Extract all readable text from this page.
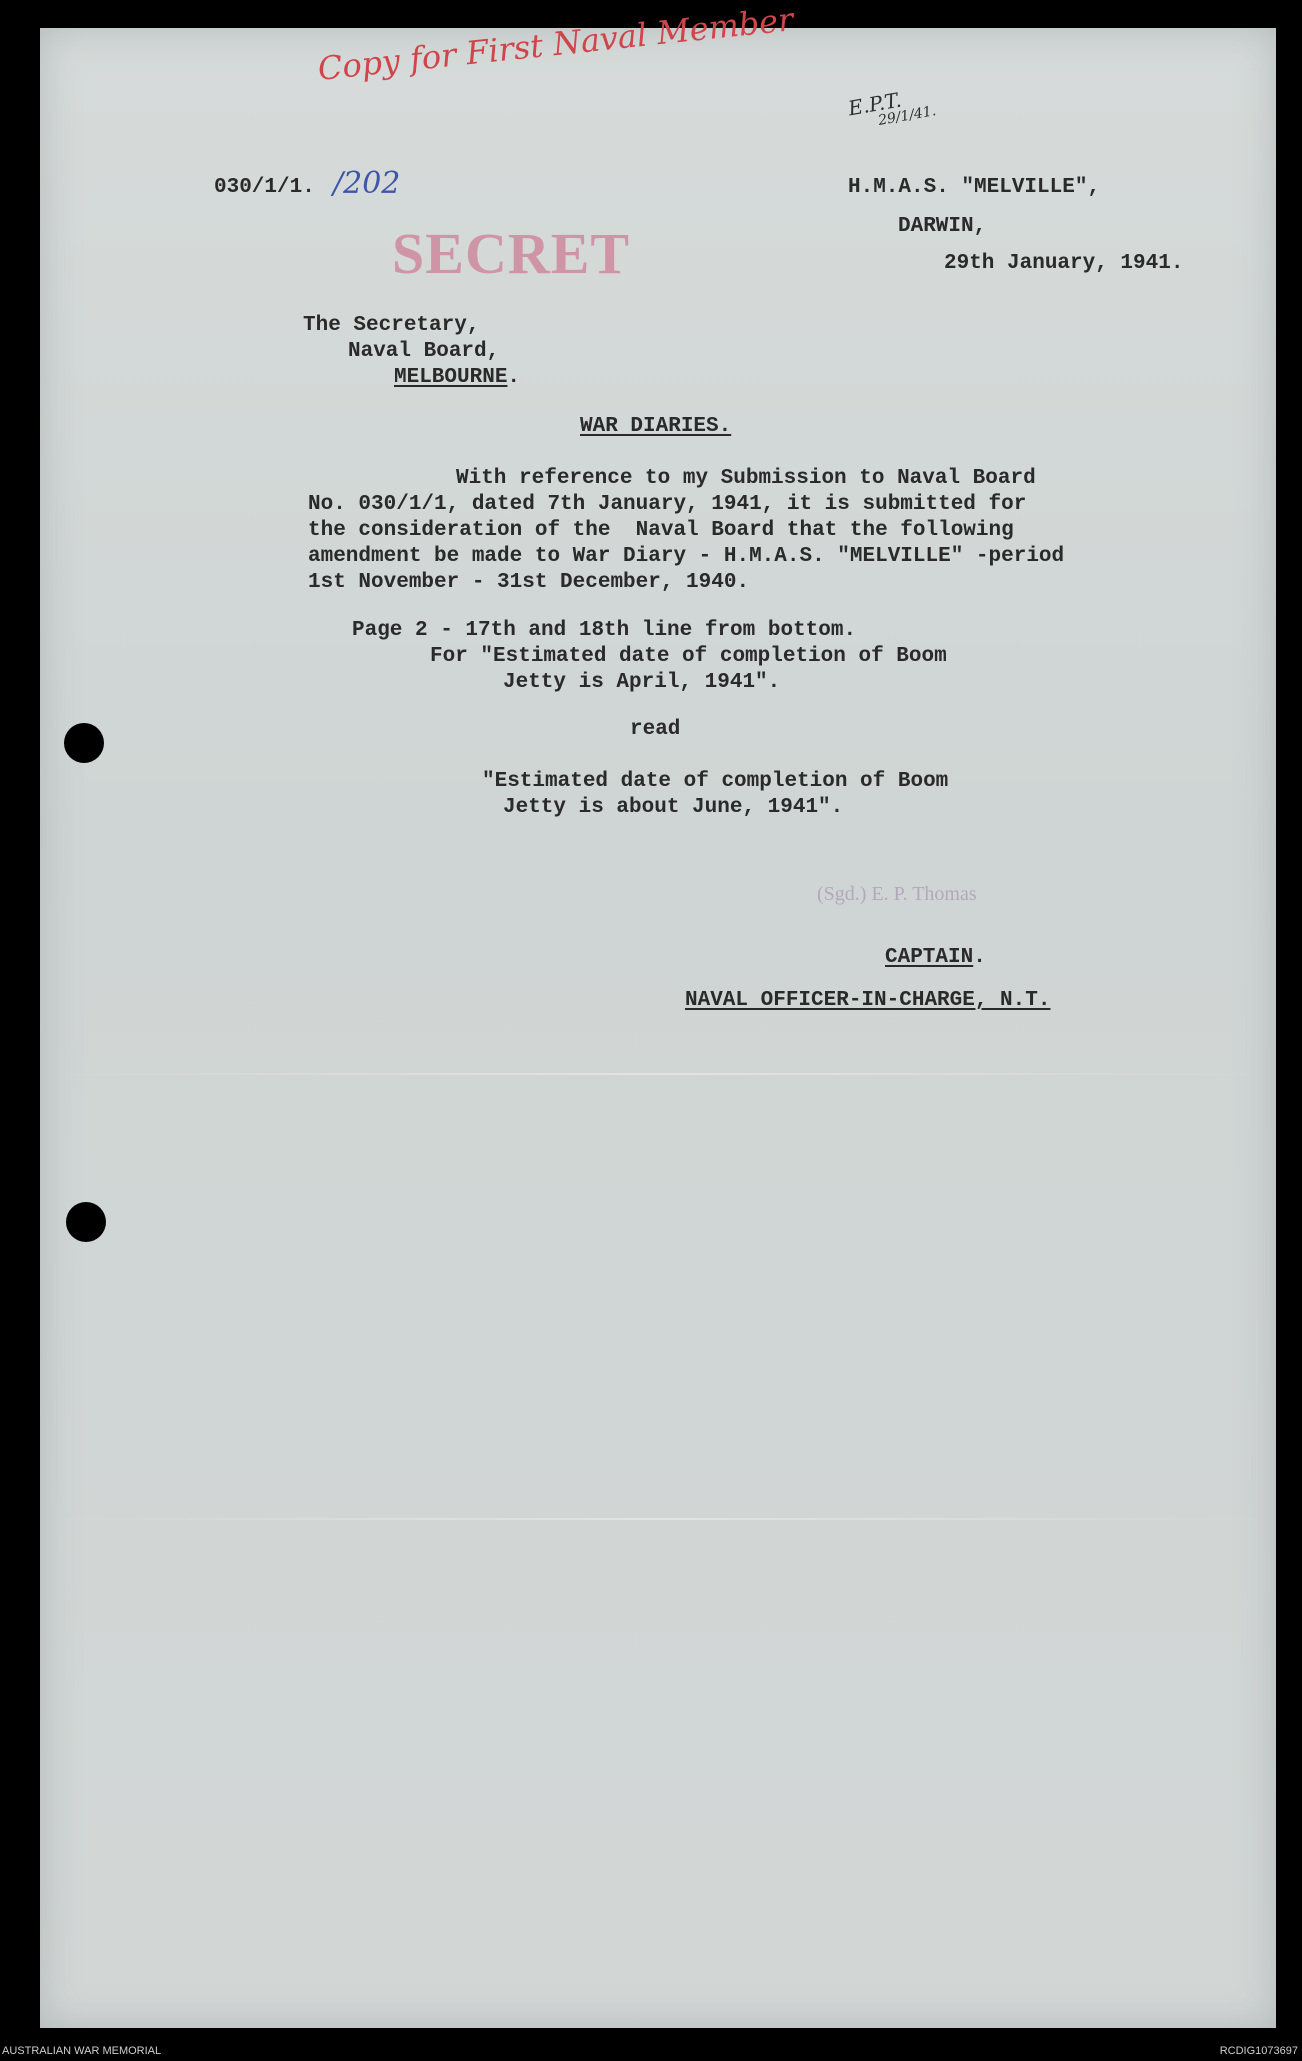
Copy for First Naval Member

E.P.T.

29/1/41.

030/1/1. /202	H.M.A.S. "MELVILLE",

DARWIN,

29th January, 1941.

SECRET

The Secretary,

Naval Board,

MELBOURNE.

WAR DIARIES.

With reference to my Submission to Naval Board

No. 030/1/1, dated 7th January, 1941, it is submitted for

the consideration of the  Naval Board that the following

amendment be made to War Diary - H.M.A.S. "MELVILLE" -period

1st November - 31st December, 1940.

Page 2 - 17th and 18th line from bottom.

For "Estimated date of completion of Boom

Jetty is April, 1941".

read

"Estimated date of completion of Boom

Jetty is about June, 1941".

(Sgd.) E. P. Thomas

CAPTAIN.

NAVAL OFFICER-IN-CHARGE, N.T.

AUSTRALIAN WAR MEMORIAL	RCDIG1073697
